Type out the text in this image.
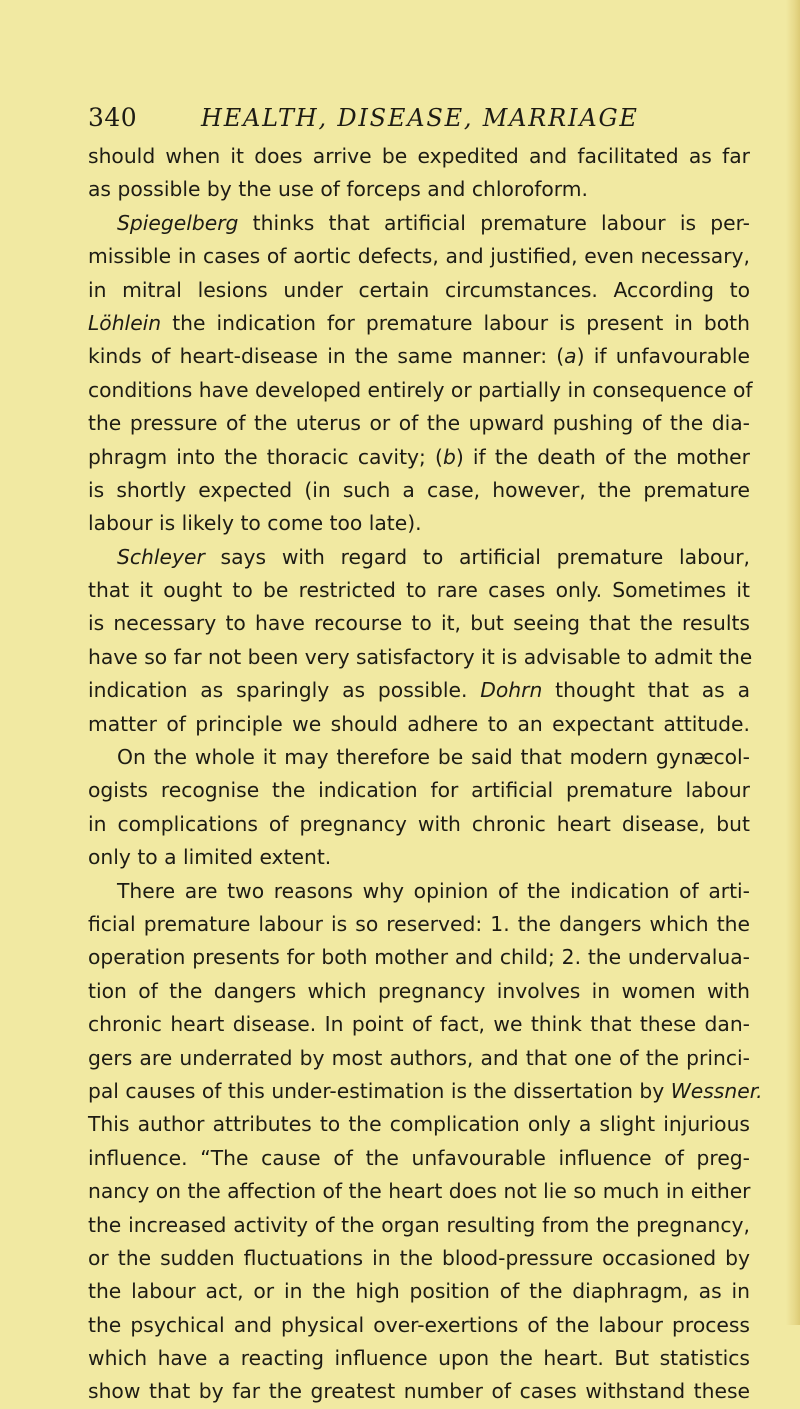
340	HEALTH, DISEASE, MARRIAGE
should when it does arrive be expedited and facilitated as far
as possible by the use of forceps and chloroform.
Spiegelberg thinks that artificial premature labour is per-
missible in cases of aortic defects, and justified, even necessary,
in mitral lesions under certain circumstances. According to
Löhlein the indication for premature labour is present in both
kinds of heart-disease in the same manner: (a) if unfavourable
conditions have developed entirely or partially in consequence of
the pressure of the uterus or of the upward pushing of the dia-
phragm into the thoracic cavity; (b) if the death of the mother
is shortly expected (in such a case, however, the premature
labour is likely to come too late).
Schleyer says with regard to artificial premature labour,
that it ought to be restricted to rare cases only. Sometimes it
is necessary to have recourse to it, but seeing that the results
have so far not been very satisfactory it is advisable to admit the
indication as sparingly as possible. Dohrn thought that as a
matter of principle we should adhere to an expectant attitude.
On the whole it may therefore be said that modern gynæcol-
ogists recognise the indication for artificial premature labour
in complications of pregnancy with chronic heart disease, but
only to a limited extent.
There are two reasons why opinion of the indication of arti-
ficial premature labour is so reserved: 1. the dangers which the
operation presents for both mother and child; 2. the undervalua-
tion of the dangers which pregnancy involves in women with
chronic heart disease. In point of fact, we think that these dan-
gers are underrated by most authors, and that one of the princi-
pal causes of this under-estimation is the dissertation by Wessner.
This author attributes to the complication only a slight injurious
influence. “The cause of the unfavourable influence of preg-
nancy on the affection of the heart does not lie so much in either
the increased activity of the organ resulting from the pregnancy,
or the sudden fluctuations in the blood-pressure occasioned by
the labour act, or in the high position of the diaphragm, as in
the psychical and physical over-exertions of the labour process
which have a reacting influence upon the heart. But statistics
show that by far the greatest number of cases withstand these
